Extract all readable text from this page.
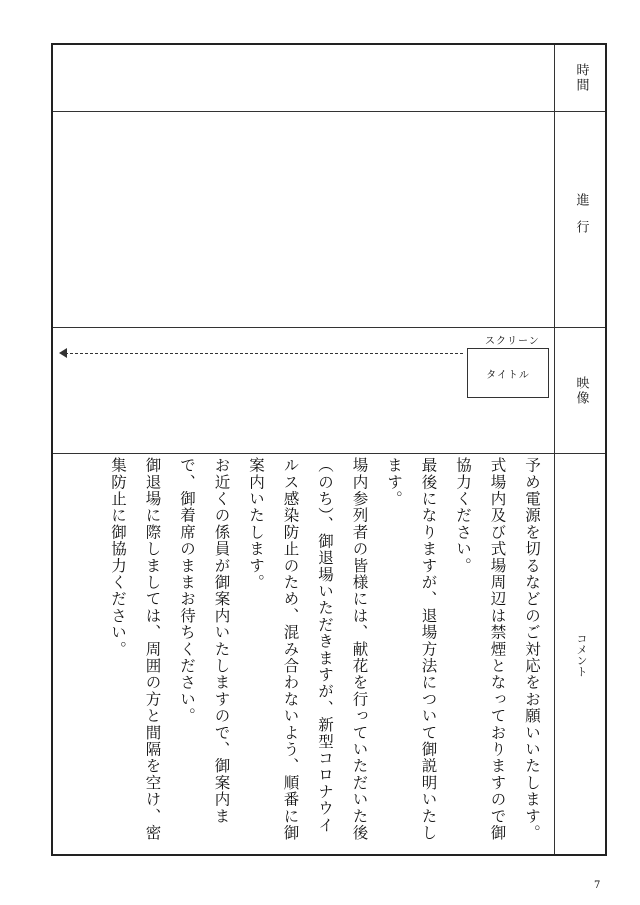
時間
進行
映像
コメント
スクリーン
タイトル

予め電源を切るなどのご対応をお願いいたします。

式場内及び式場周辺は禁煙となっておりますので御協力ください。

最後になりますが、退場方法について御説明いたします。

場内参列者の皆様には、献花を行っていただいた後（のち）、御退場いただきますが、新型コロナウイルス感染防止のため、混み合わないよう、順番に御案内いたします。

お近くの係員が御案内いたしますので、御案内まで、御着席のままお待ちください。

御退場に際しましては、周囲の方と間隔を空け、密集防止に御協力ください。

7
